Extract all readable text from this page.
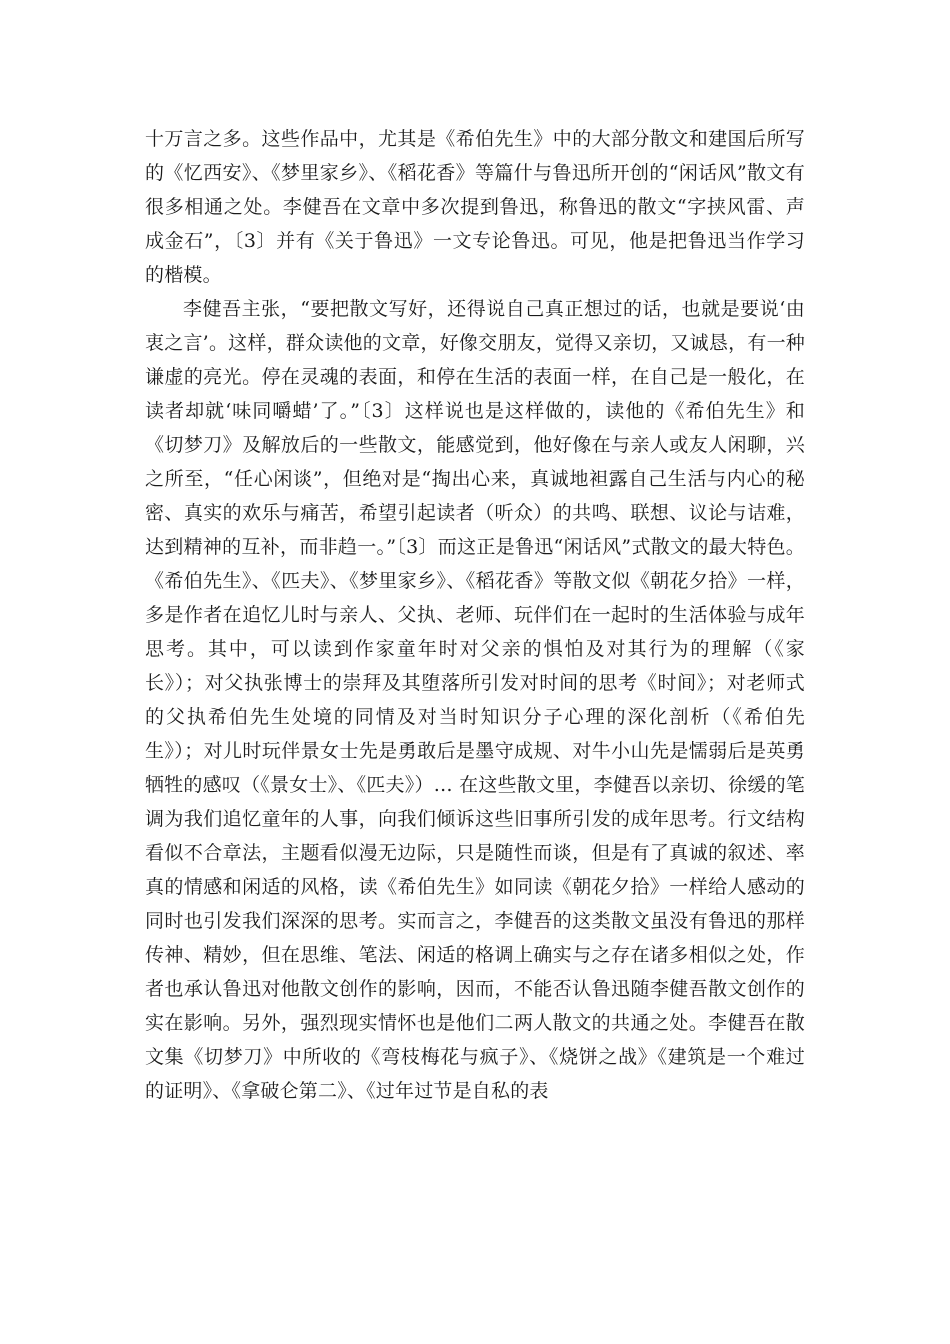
十万言之多。这些作品中，尤其是《希伯先生》中的大部分散文和建国后所写的《忆西安》、《梦里家乡》、《稻花香》等篇什与鲁迅所开创的“闲话风”散文有很多相通之处。李健吾在文章中多次提到鲁迅，称鲁迅的散文“字挟风雷、声成金石”，〔3〕并有《关于鲁迅》一文专论鲁迅。可见，他是把鲁迅当作学习的楷模。

李健吾主张，“要把散文写好，还得说自己真正想过的话，也就是要说‘由衷之言’。这样，群众读他的文章，好像交朋友，觉得又亲切，又诚恳，有一种谦虚的亮光。停在灵魂的表面，和停在生活的表面一样，在自己是一般化，在读者却就‘味同嚼蜡’了。”〔3〕这样说也是这样做的，读他的《希伯先生》和《切梦刀》及解放后的一些散文，能感觉到，他好像在与亲人或友人闲聊，兴之所至，“任心闲谈”，但绝对是“掏出心来，真诚地袒露自己生活与内心的秘密、真实的欢乐与痛苦，希望引起读者（听众）的共鸣、联想、议论与诘难，达到精神的互补，而非趋一。”〔3〕而这正是鲁迅“闲话风”式散文的最大特色。《希伯先生》、《匹夫》、《梦里家乡》、《稻花香》等散文似《朝花夕拾》一样，多是作者在追忆儿时与亲人、父执、老师、玩伴们在一起时的生活体验与成年思考。其中，可以读到作家童年时对父亲的惧怕及对其行为的理解（《家长》）；对父执张博士的崇拜及其堕落所引发对时间的思考《时间》；对老师式的父执希伯先生处境的同情及对当时知识分子心理的深化剖析（《希伯先生》）；对儿时玩伴景女士先是勇敢后是墨守成规、对牛小山先是懦弱后是英勇牺牲的感叹（《景女士》、《匹夫》）… 在这些散文里，李健吾以亲切、徐缓的笔调为我们追忆童年的人事，向我们倾诉这些旧事所引发的成年思考。行文结构看似不合章法，主题看似漫无边际，只是随性而谈，但是有了真诚的叙述、率真的情感和闲适的风格，读《希伯先生》如同读《朝花夕拾》一样给人感动的同时也引发我们深深的思考。实而言之，李健吾的这类散文虽没有鲁迅的那样传神、精妙，但在思维、笔法、闲适的格调上确实与之存在诸多相似之处，作者也承认鲁迅对他散文创作的影响，因而，不能否认鲁迅随李健吾散文创作的实在影响。另外，强烈现实情怀也是他们二两人散文的共通之处。李健吾在散文集《切梦刀》中所收的《弯枝梅花与疯子》、《烧饼之战》《建筑是一个难过的证明》、《拿破仑第二》、《过年过节是自私的表
